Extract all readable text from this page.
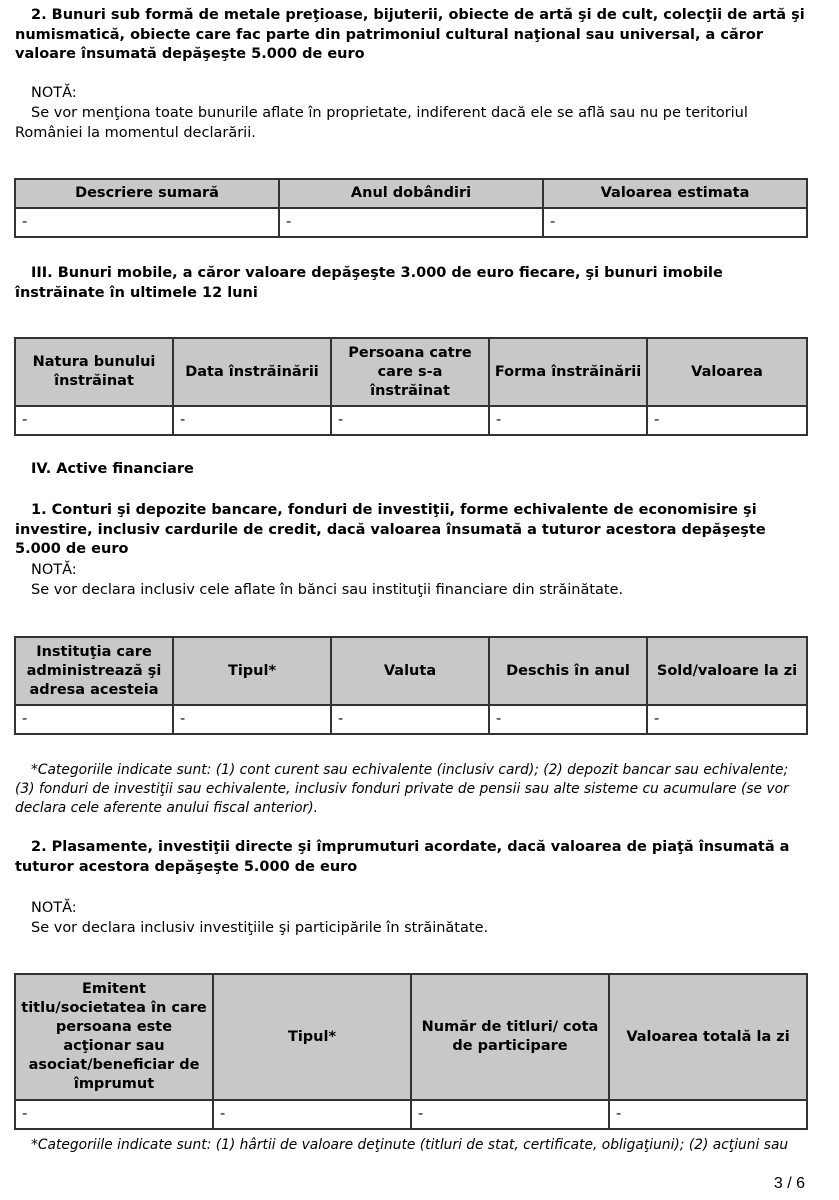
2. Bunuri sub formă de metale preţioase, bijuterii, obiecte de artă şi de cult, colecţii de artă şi numismatică, obiecte care fac parte din patrimoniul cultural naţional sau universal, a căror valoare însumată depăşeşte 5.000 de euro
NOTĂ:
Se vor menţiona toate bunurile aflate în proprietate, indiferent dacă ele se află sau nu pe teritoriul României la momentul declarării.
Descriere sumară	Anul dobândiri	Valoarea estimata
-	-	-
III. Bunuri mobile, a căror valoare depăşeşte 3.000 de euro fiecare, şi bunuri imobile înstrăinate în ultimele 12 luni
Natura bunului înstrăinat	Data înstrăinării	Persoana catre care s-a înstrăinat	Forma înstrăinării	Valoarea
-	-	-	-	-
IV. Active financiare
1. Conturi şi depozite bancare, fonduri de investiţii, forme echivalente de economisire şi investire, inclusiv cardurile de credit, dacă valoarea însumată a tuturor acestora depăşeşte 5.000 de euro
NOTĂ:
Se vor declara inclusiv cele aflate în bănci sau instituţii financiare din străinătate.
Instituţia care administrează şi adresa acesteia	Tipul*	Valuta	Deschis în anul	Sold/valoare la zi
-	-	-	-	-
*Categoriile indicate sunt: (1) cont curent sau echivalente (inclusiv card); (2) depozit bancar sau echivalente; (3) fonduri de investiţii sau echivalente, inclusiv fonduri private de pensii sau alte sisteme cu acumulare (se vor declara cele aferente anului fiscal anterior).
2. Plasamente, investiţii directe şi împrumuturi acordate, dacă valoarea de piaţă însumată a tuturor acestora depăşeşte 5.000 de euro
NOTĂ:
Se vor declara inclusiv investiţiile şi participările în străinătate.
Emitent titlu/societatea în care persoana este acţionar sau asociat/beneficiar de împrumut	Tipul*	Număr de titluri/ cota de participare	Valoarea totală la zi
-	-	-	-
*Categoriile indicate sunt: (1) hârtii de valoare deţinute (titluri de stat, certificate, obligaţiuni); (2) acţiuni sau
3 / 6
